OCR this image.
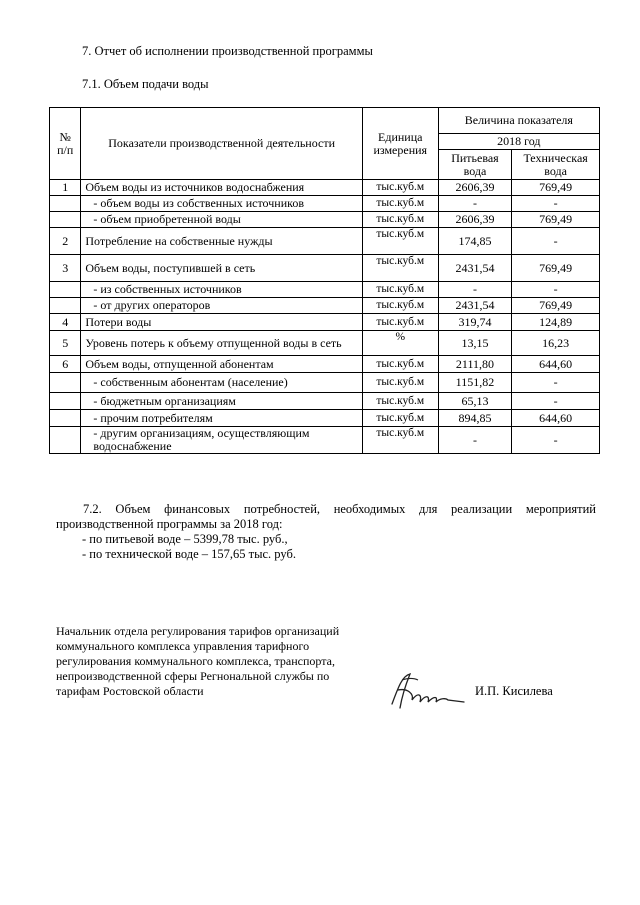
7. Отчет об исполнении производственной программы
7.1. Объем подачи воды
№ п/п	Показатели производственной деятельности	Единица измерения	Величина показателя	
			2018 год	
			Питьевая вода	Техническая вода
1	Объем воды из источников водоснабжения	тыс.куб.м	2606,39	769,49
	- объем воды из собственных источников	тыс.куб.м	-	-
	- объем приобретенной воды	тыс.куб.м	2606,39	769,49
2	Потребление на собственные нужды	тыс.куб.м	174,85	-
3	Объем воды, поступившей в сеть	тыс.куб.м	2431,54	769,49
	- из собственных источников	тыс.куб.м	-	-
	- от других операторов	тыс.куб.м	2431,54	769,49
4	Потери воды	тыс.куб.м	319,74	124,89
5	Уровень потерь к объему отпущенной воды в сеть	%	13,15	16,23
6	Объем воды, отпущенной абонентам	тыс.куб.м	2111,80	644,60
	- собственным абонентам (население)	тыс.куб.м	1151,82	-
	- бюджетным организациям	тыс.куб.м	65,13	-
	- прочим потребителям	тыс.куб.м	894,85	644,60
	- другим организациям, осуществляющим водоснабжение	тыс.куб.м	-	-
7.2. Объем финансовых потребностей, необходимых для реализации мероприятий производственной программы за 2018 год:
- по питьевой воде – 5399,78 тыс. руб.,
- по технической воде – 157,65 тыс. руб.
Начальник отдела регулирования тарифов организаций
коммунального комплекса управления тарифного
регулирования коммунального комплекса, транспорта,
непроизводственной сферы Регнональной службы по
тарифам Ростовской области	И.П. Кисилева
